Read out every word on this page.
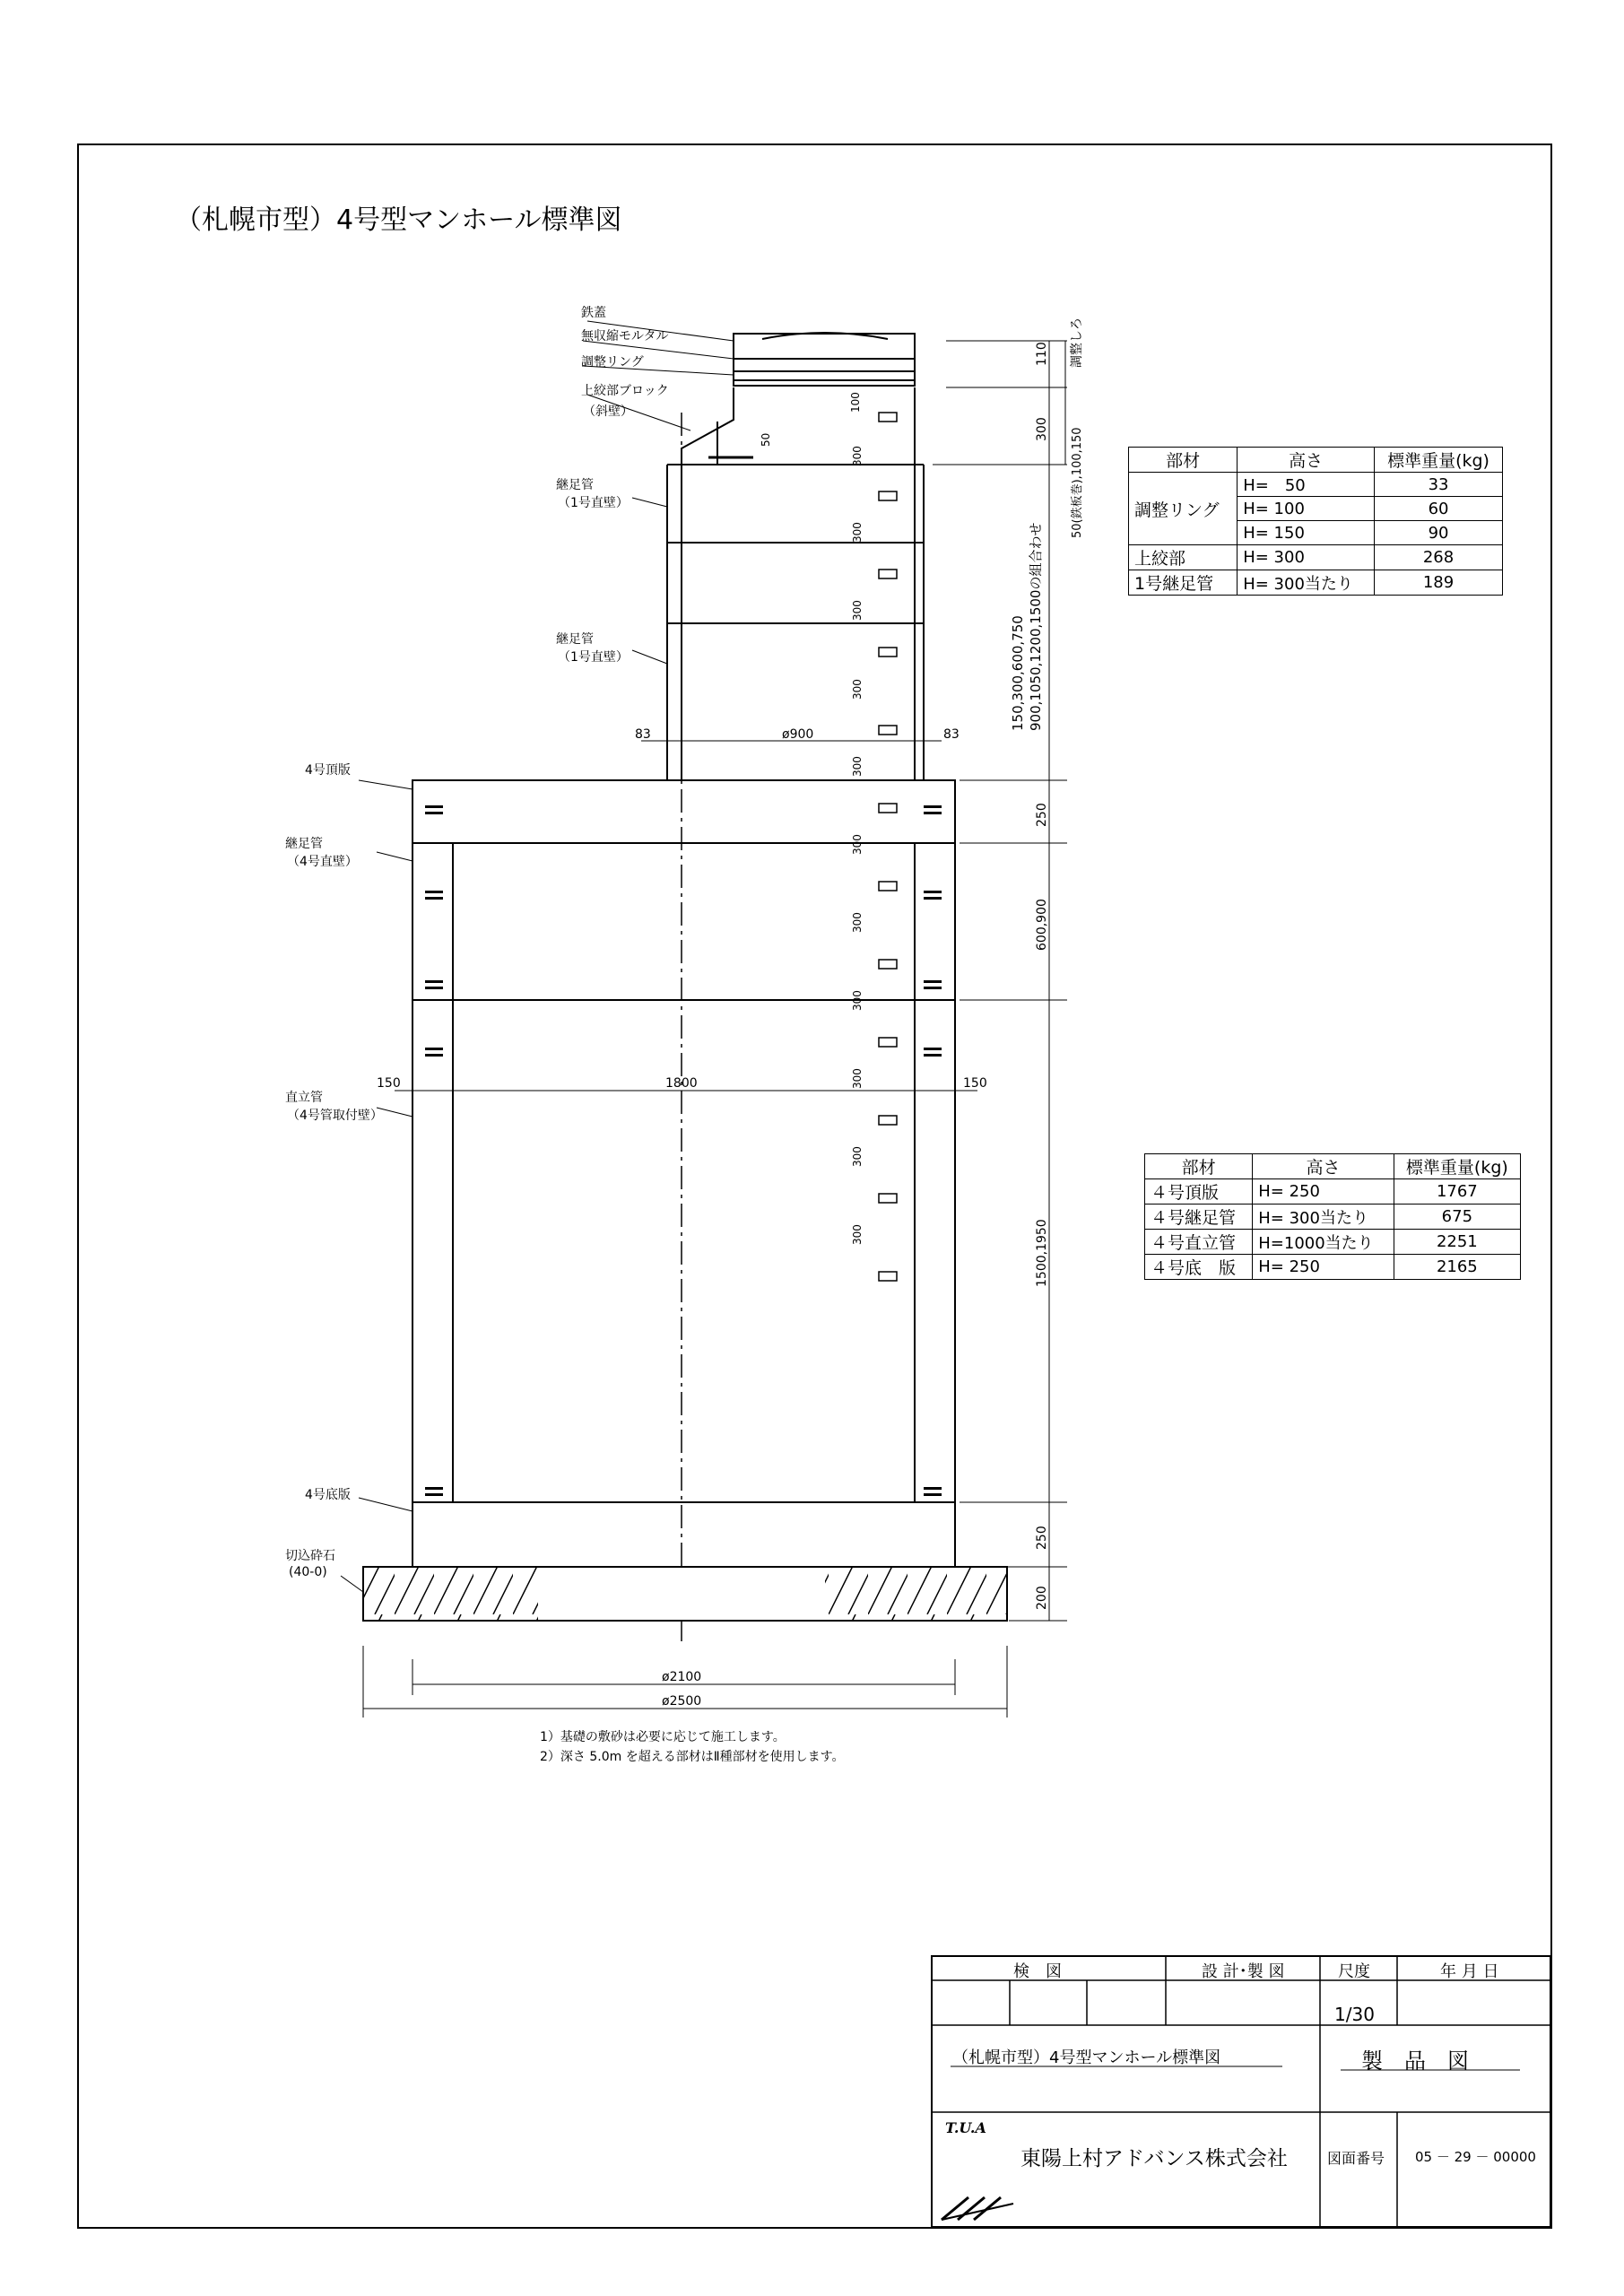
（札幌市型）4号型マンホール標準図
110 調整しろ
300 50(鉄板巻),100,150
150,300,600,750 900,1050,1200,1500の組合わせ
50
100
83	83
ø900
250
600,900
150	1800	150
1500,1950
250
200
ø2100
ø2500
300
300
300
300
300
300
300
300
300
300
300
鉄蓋
無収縮モルタル
調整リング
上絞部ブロック
（斜壁）
継足管
（1号直壁）
継足管
（1号直壁）
4号頂版
継足管
（4号直壁）
直立管
（4号管取付壁）
4号底版
切込砕石
(40-0)
部材	高さ	標準重量(kg)
調整リング	H=　50	33
	H= 100	60
	H= 150	90
上絞部	H= 300	268
1号継足管	H= 300当たり	189
部材	高さ	標準重量(kg)
４号頂版	H= 250	1767
４号継足管	H= 300当たり	675
４号直立管	H=1000当たり	2251
４号底　版	H= 250	2165
1）基礎の敷砂は必要に応じて施工します。
2）深さ 5.0m を超える部材はⅡ種部材を使用します。
検　図	設 計･製 図	尺度	年 月 日
1/30
（札幌市型）4号型マンホール標準図	製　品　図
T.U.A
東陽上村アドバンス株式会社	図面番号 05 － 29 － 00000
